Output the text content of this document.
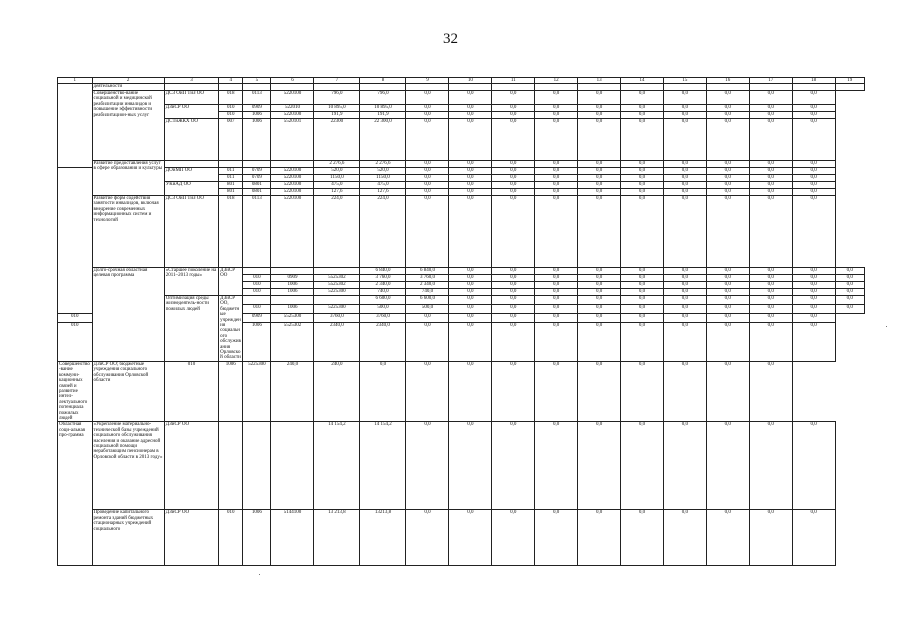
32
1	2	3	4	5	6	7	8	9	10	11	12	13	14	15	16	17	18	19
	деятельности																	
	Совершенство-вание социальной и медицинской реабилитации инвалидов и повышение эффективности реабилитацион-ных услуг	ДСЗ ОиП ТиЗ ОО	018	0113	5220100	796,0	796,0	0,0	0,0	0,0	0,0	0,0	0,0	0,0	0,0	0,0	0,0	
		ДЗиСР ОО	010	0909	522010	10 895,0	10 895,0	0,0	0,0	0,0	0,0	0,0	0,0	0,0	0,0	0,0	0,0	
			010	1006	5220100	191,9	191,9	0,0	0,0	0,0	0,0	0,0	0,0	0,0	0,0	0,0	0,0	
		ДСТиЖКХ ОО	007	1006	5520101	22300	22 300,0	0,0	0,0	0,0	0,0	0,0	0,0	0,0	0,0	0,0	0,0	
	Развитие предоставления услуг в сфере образования и культуры					2 276,6	2 276,6	0,0	0,0	0,0	0,0	0,0	0,0	0,0	0,0	0,0	0,0	
		ДОиМП ОО	011	0709	5220100	520,0	520,0	0,0	0,0	0,0	0,0	0,0	0,0	0,0	0,0	0,0	0,0	
			011	0709	5220100	1150,0	1150,0	0,0	0,0	0,0	0,0	0,0	0,0	0,0	0,0	0,0	0,0	
		УКиАД ОО	801	0801	5220100	475,0	475,0	0,0	0,0	0,0	0,0	0,0	0,0	0,0	0,0	0,0	0,0	
			801	0801	5220100	127,6	127,6	0,0	0,0	0,0	0,0	0,0	0,0	0,0	0,0	0,0	0,0	
	Развитие форм содействия занятости инвалидов, включая внедрение современных информационных систем и технологий	ДСЗ ОиП ТиЗ ОО	018	0113	5220100	224,0	224,0	0,0	0,0	0,0	0,0	0,0	0,0	0,0	0,0	0,0	0,0	
	Долго-срочная областная целевая программа	«Старшее поколение на 2011–2013 годы»	ДЗиСР ОО				6 840,0	6 840,0	0,0	0,0	0,0	0,0	0,0	0,0	0,0	0,0	0,0	0,0
				010	0909	5525302	3 760,0	3 760,0	0,0	0,0	0,0	0,0	0,0	0,0	0,0	0,0	0,0	0,0
				010	1006	5525302	2 340,0	2 340,0	0,0	0,0	0,0	0,0	0,0	0,0	0,0	0,0	0,0	0,0
				010	1006	5225300	740,0	740,0	0,0	0,0	0,0	0,0	0,0	0,0	0,0	0,0	0,0	0,0
		Оптимизация среды жизнедеятель-ности пожилых людей	ДЗиСР ОО, бюджетные учреждения социального обслуживания Орловской области				6 600,0	6 600,0	0,0	0,0	0,0	0,0	0,0	0,0	0,0	0,0	0,0	0,0
				010	1006	5225300	500,0	500,0	0,0	0,0	0,0	0,0	0,0	0,0	0,0	0,0	0,0	0,0
010				0909	5525300	3760,0	3760,0	0,0	0,0	0,0	0,0	0,0	0,0	0,0	0,0	0,0	0,0	
010				1006	5525302	2340,0	2340,0	0,0	0,0	0,0	0,0	0,0	0,0	0,0	0,0	0,0	0,0	
Совершенство-вание коммуни-кационных связей и развитие интел-лектуального потенциала пожилых людей	ДЗиСР ОО; бюджетные учреждения социального обслуживания Орловской области	010	1006	5225300	240,0	240,0	0,0	0,0	0,0	0,0	0,0	0,0	0,0	0,0	0,0	0,0		
Областная соци-альная про-грамма	«Укрепление материально-технической базы учреждений социального обслуживания населения и оказание адресной социальной помощи неработающим пенсионерам в Орловской области в 2013 году»	ДЗиСР ОО				14 154,2	14 154,2	0,0	0,0	0,0	0,0	0,0	0,0	0,0	0,0	0,0	0,0	
	Проведение капитального ремонта зданий бюджетных стационарных учреждений социального	ДЗиСР ОО	010	1006	5144100	13 213,8	13213,8	0,0	0,0	0,0	0,0	0,0	0,0	0,0	0,0	0,0	0,0	
